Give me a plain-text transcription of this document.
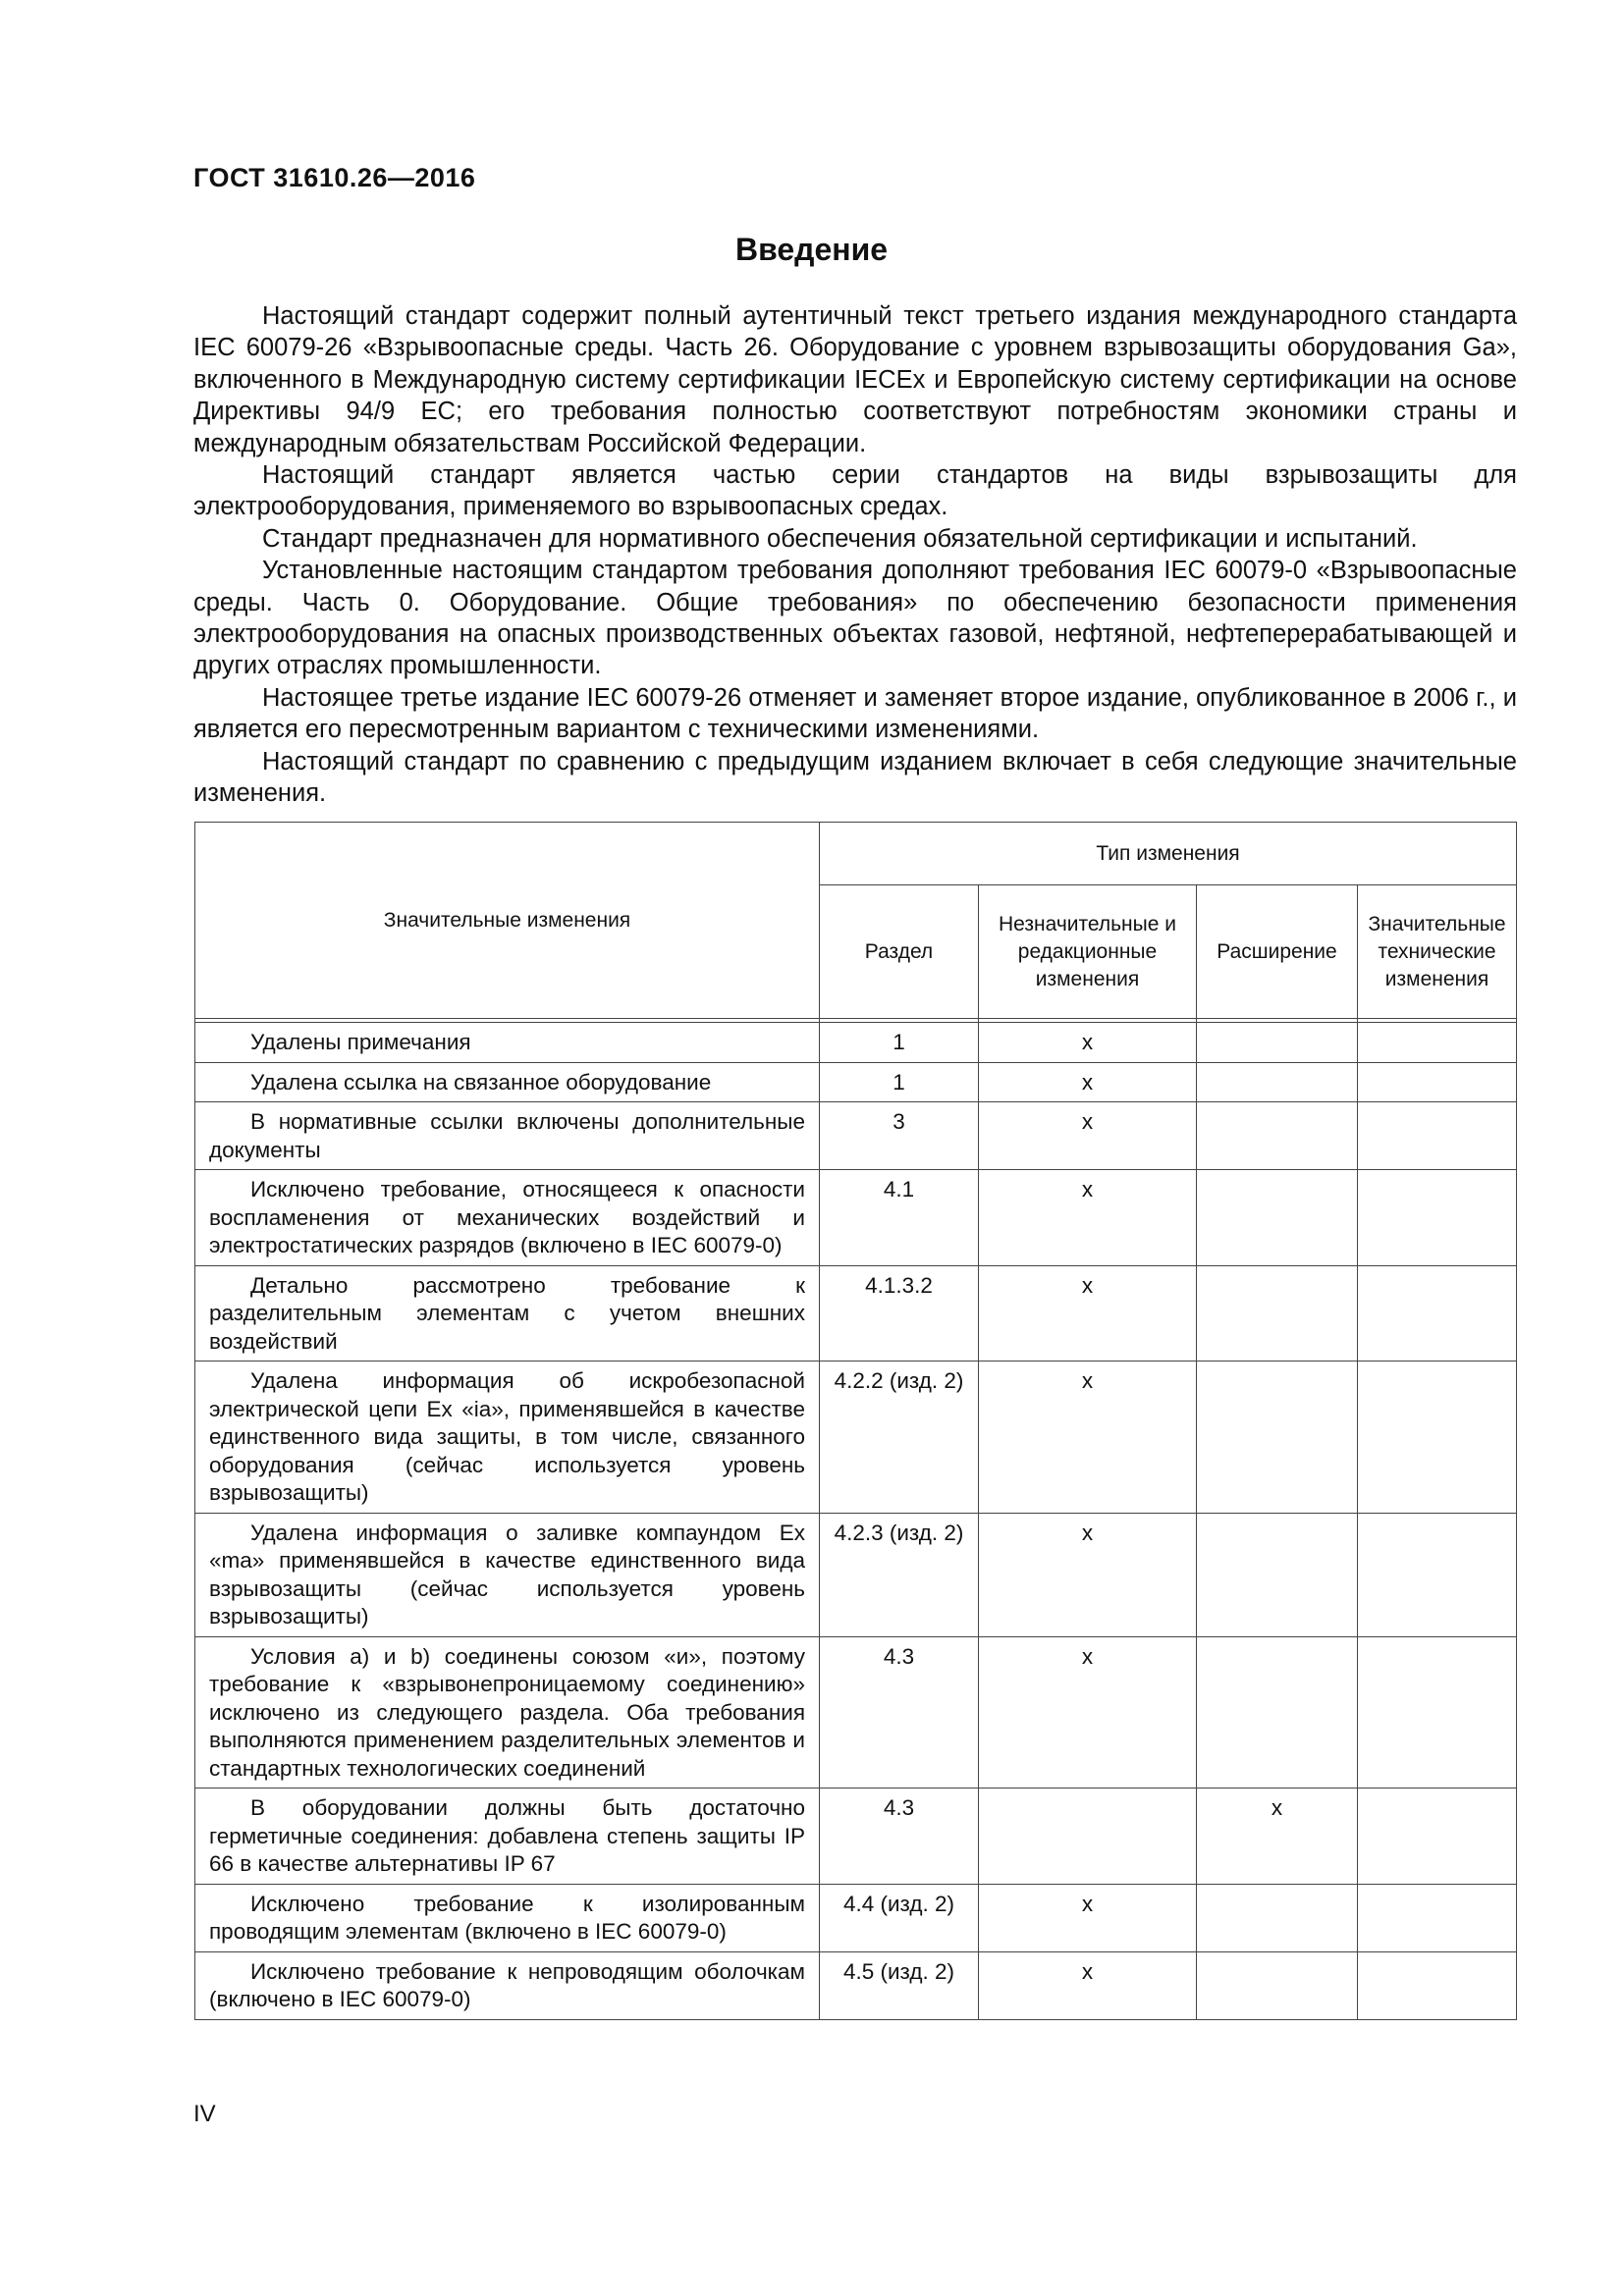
ГОСТ 31610.26—2016
Введение

Настоящий стандарт содержит полный аутентичный текст третьего издания международного стандарта IEC 60079-26 «Взрывоопасные среды. Часть 26. Оборудование с уровнем взрывозащиты оборудования Ga», включенного в Международную систему сертификации IECEx и Европейскую систему сертификации на основе Директивы 94/9 ЕС; его требования полностью соответствуют потребностям экономики страны и международным обязательствам Российской Федерации.

Настоящий стандарт является частью серии стандартов на виды взрывозащиты для электрооборудования, применяемого во взрывоопасных средах.

Стандарт предназначен для нормативного обеспечения обязательной сертификации и испытаний.

Установленные настоящим стандартом требования дополняют требования IEC 60079-0 «Взрывоопасные среды. Часть 0. Оборудование. Общие требования» по обеспечению безопасности применения электрооборудования на опасных производственных объектах газовой, нефтяной, нефтеперерабатывающей и других отраслях промышленности.

Настоящее третье издание IEC 60079-26 отменяет и заменяет второе издание, опубликованное в 2006 г., и является его пересмотренным вариантом с техническими изменениями.

Настоящий стандарт по сравнению с предыдущим изданием включает в себя следующие значительные изменения.

Значительные изменения	Тип изменения			
	Раздел	Незначительные и редакционные изменения	Расширение	Значительные технические изменения

Удалены примечания	1	x		
Удалена ссылка на связанное оборудование	1	x		
В нормативные ссылки включены дополнительные документы	3	x		
Исключено требование, относящееся к опасности воспламенения от механических воздействий и электростатических разрядов (включено в IEC 60079-0)	4.1	x		
Детально рассмотрено требование к разделительным элементам с учетом внешних воздействий	4.1.3.2	x		
Удалена информация об искробезопасной электрической цепи Ex «ia», применявшейся в качестве единственного вида защиты, в том числе, связанного оборудования (сейчас используется уровень взрывозащиты)	4.2.2 (изд. 2)	x		
Удалена информация о заливке компаундом Ex «ma» применявшейся в качестве единственного вида взрывозащиты (сейчас используется уровень взрывозащиты)	4.2.3 (изд. 2)	x		
Условия a) и b) соединены союзом «и», поэтому требование к «взрывонепроницаемому соединению» исключено из следующего раздела. Оба требования выполняются применением разделительных элементов и стандартных технологических соединений	4.3	x		
В оборудовании должны быть достаточно герметичные соединения: добавлена степень защиты IP 66 в качестве альтернативы IP 67	4.3		x	
Исключено требование к изолированным проводящим элементам (включено в IEC 60079-0)	4.4 (изд. 2)	x		
Исключено требование к непроводящим оболочкам (включено в IEC 60079-0)	4.5 (изд. 2)	x		
IV
